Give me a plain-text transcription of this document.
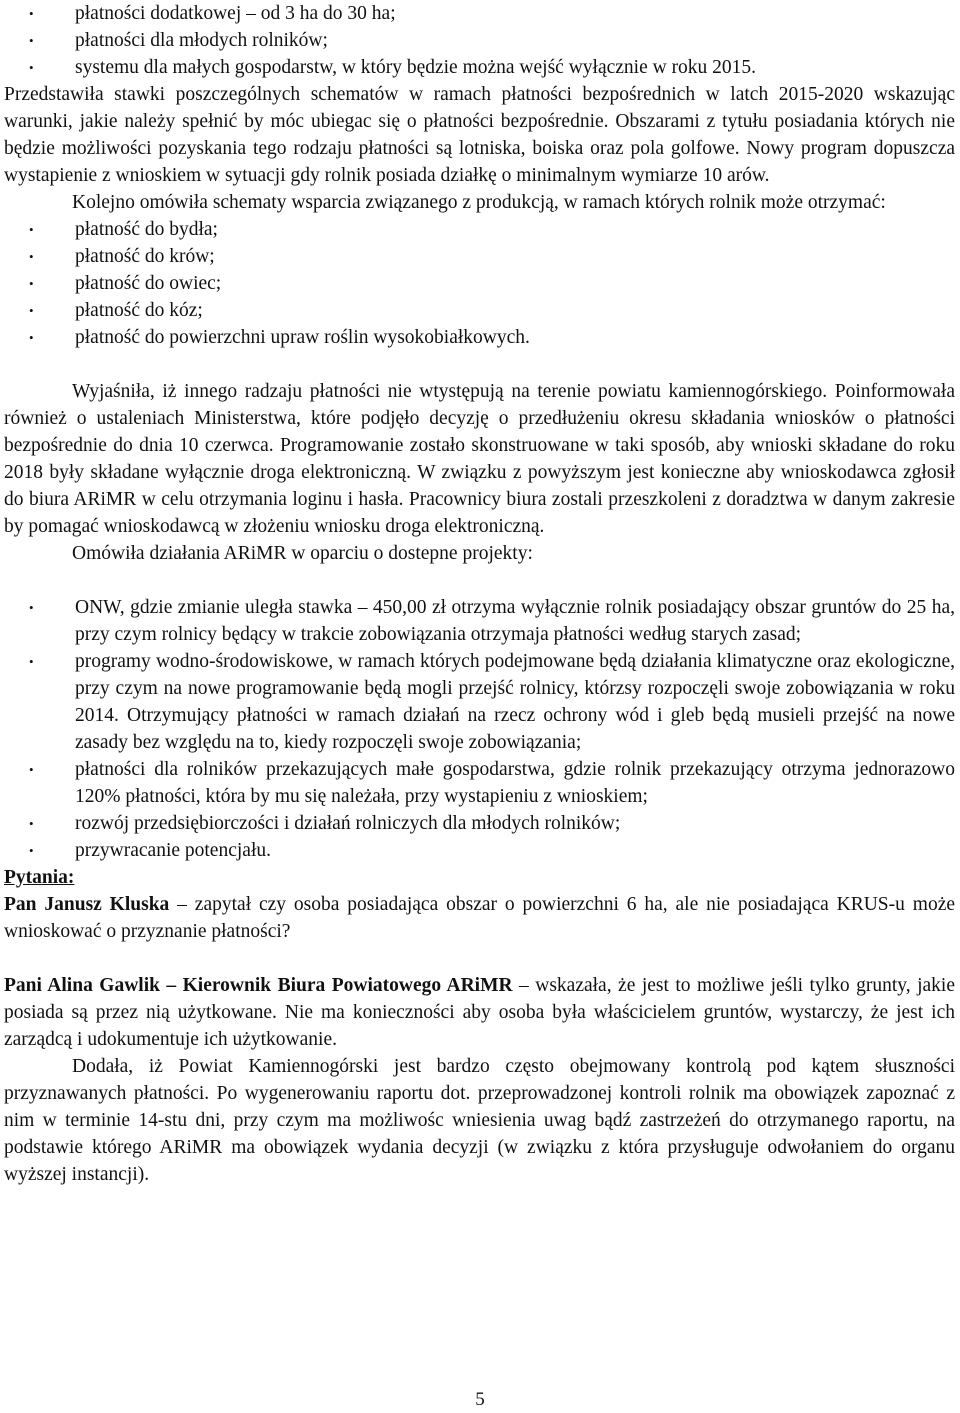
• płatności dodatkowej – od 3 ha do 30 ha;
• płatności dla młodych rolników;
• systemu dla małych gospodarstw, w który będzie można wejść wyłącznie w roku 2015.

Przedstawiła stawki poszczególnych schematów w ramach płatności bezpośrednich w latch 2015-2020 wskazując warunki, jakie należy spełnić by móc ubiegac się o płatności bezpośrednie. Obszarami z tytułu posiadania których nie będzie możliwości pozyskania tego rodzaju płatności są lotniska, boiska oraz pola golfowe. Nowy program dopuszcza wystapienie z wnioskiem w sytuacji gdy rolnik posiada działkę o minimalnym wymiarze 10 arów.

Kolejno omówiła schematy wsparcia związanego z produkcją, w ramach których rolnik może otrzymać:

• płatność do bydła;
• płatność do krów;
• płatność do owiec;
• płatność do kóz;
• płatność do powierzchni upraw roślin wysokobiałkowych.

Wyjaśniła, iż innego radzaju płatności nie wtystępują na terenie powiatu kamiennogórskiego. Poinformowała również o ustaleniach Ministerstwa, które podjęło decyzję o przedłużeniu okresu składania wniosków o płatności bezpośrednie do dnia 10 czerwca. Programowanie zostało skonstruowane w taki sposób, aby wnioski składane do roku 2018 były składane wyłącznie droga elektroniczną. W związku z powyższym jest konieczne aby wnioskodawca zgłosił do biura ARiMR w celu otrzymania loginu i hasła. Pracownicy biura zostali przeszkoleni z doradztwa w danym zakresie by pomagać wnioskodawcą w złożeniu wniosku droga elektroniczną.

Omówiła działania ARiMR w oparciu o dostepne projekty:

• ONW, gdzie zmianie uległa stawka – 450,00 zł otrzyma wyłącznie rolnik posiadający obszar gruntów do 25 ha, przy czym rolnicy będący w trakcie zobowiązania otrzymaja płatności według starych zasad;
• programy wodno-środowiskowe, w ramach których podejmowane będą działania klimatyczne oraz ekologiczne, przy czym na nowe programowanie będą mogli przejść rolnicy, którzsy rozpoczęli swoje zobowiązania w roku 2014. Otrzymujący płatności w ramach działań na rzecz ochrony wód i gleb będą musieli przejść na nowe zasady bez względu na to, kiedy rozpoczęli swoje zobowiązania;
• płatności dla rolników przekazujących małe gospodarstwa, gdzie rolnik przekazujący otrzyma jednorazowo 120% płatności, która by mu się należała, przy wystapieniu z wnioskiem;
• rozwój przedsiębiorczości i działań rolniczych dla młodych rolników;
• przywracanie potencjału.

Pytania:

Pan Janusz Kluska – zapytał czy osoba posiadająca obszar o powierzchni 6 ha, ale nie posiadająca KRUS-u może wnioskować o przyznanie płatności?

Pani Alina Gawlik – Kierownik Biura Powiatowego ARiMR – wskazała, że jest to możliwe jeśli tylko grunty, jakie posiada są przez nią użytkowane. Nie ma konieczności aby osoba była właścicielem gruntów, wystarczy, że jest ich zarządcą i udokumentuje ich użytkowanie.

Dodała, iż Powiat Kamiennogórski jest bardzo często obejmowany kontrolą pod kątem słuszności przyznawanych płatności. Po wygenerowaniu raportu dot. przeprowadzonej kontroli rolnik ma obowiązek zapoznać z nim w terminie 14-stu dni, przy czym ma możliwośc wniesienia uwag bądź zastrzeżeń do otrzymanego raportu, na podstawie którego ARiMR ma obowiązek wydania decyzji (w związku z która przysługuje odwołaniem do organu wyższej instancji).

5
